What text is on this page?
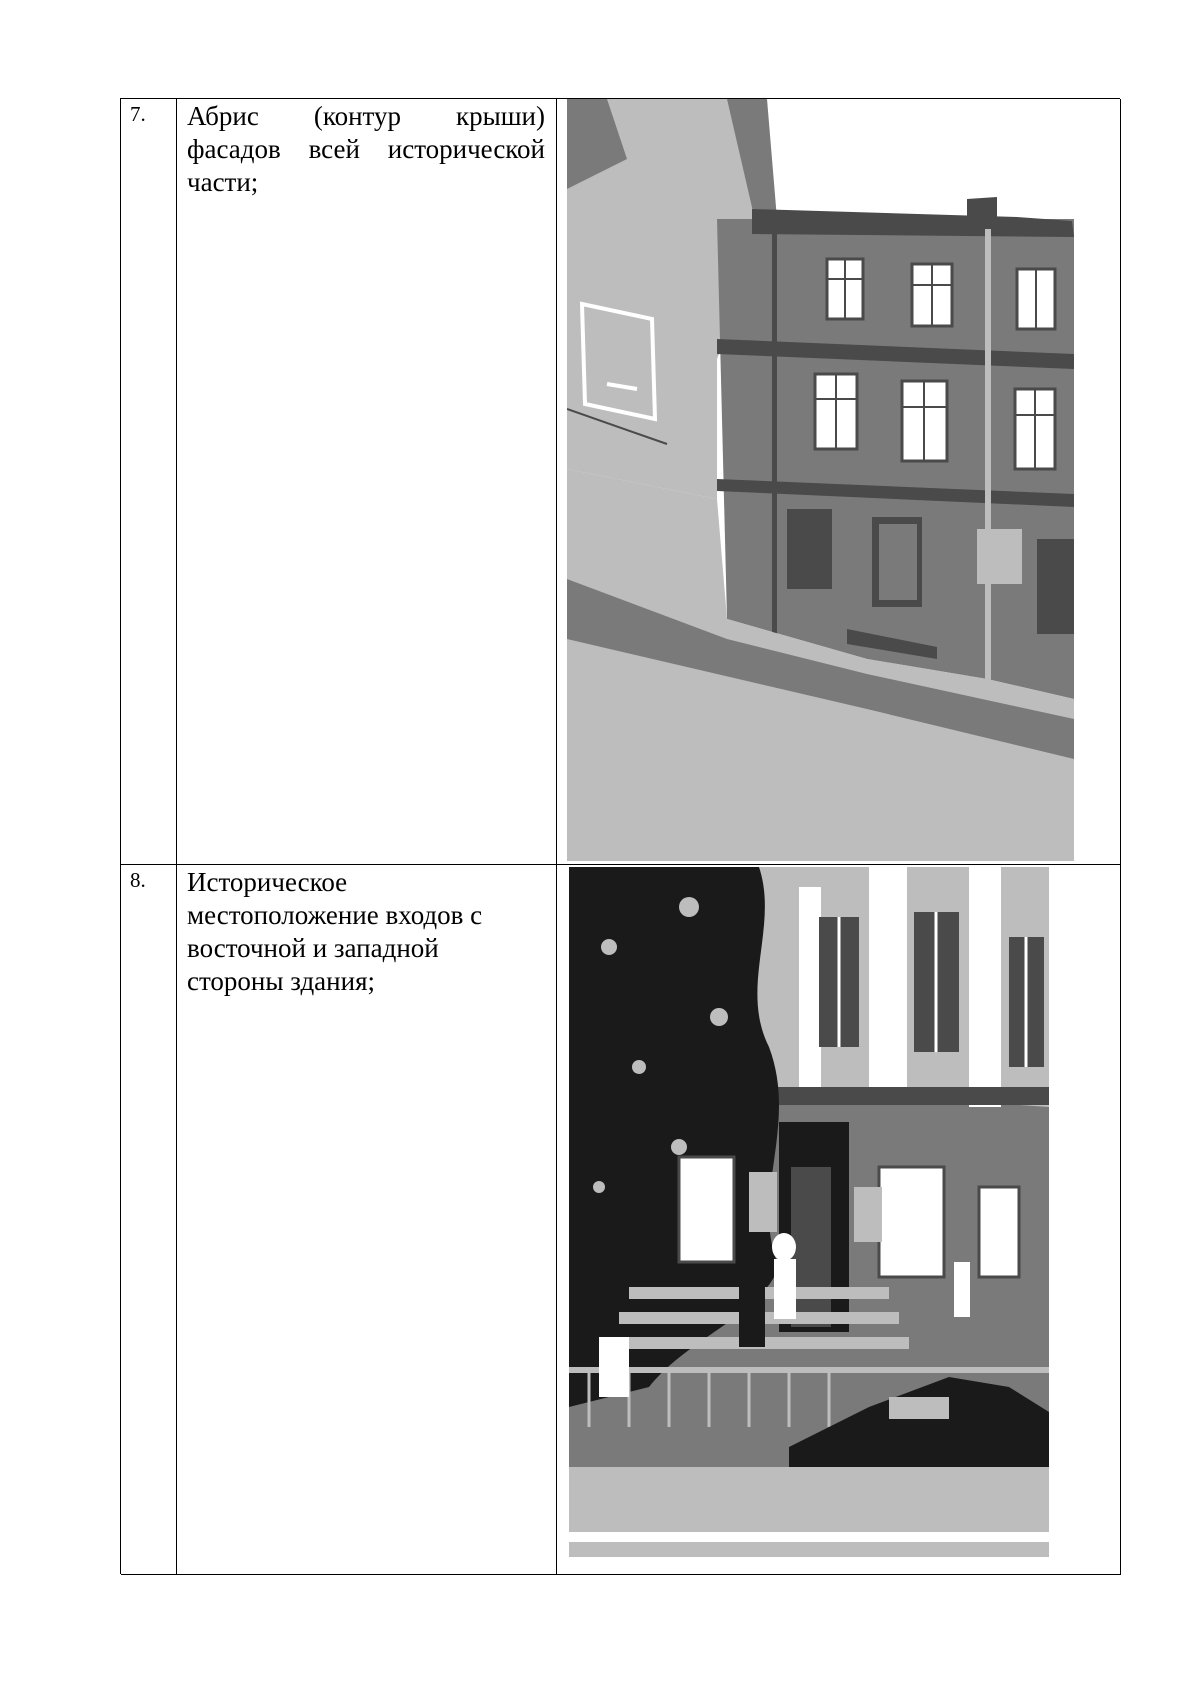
7. Абрис (контур крыши)
фасадов всей исторической
части;
8. Историческое
местоположение входов с
восточной и западной
стороны здания;
